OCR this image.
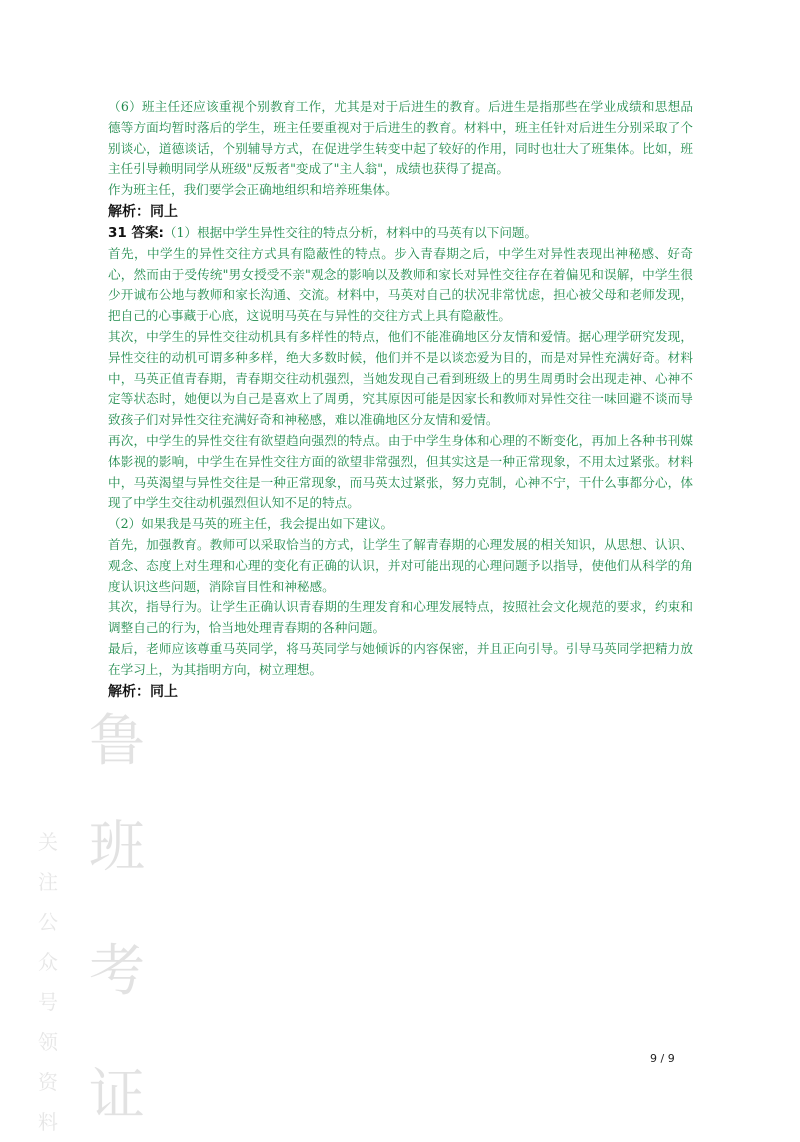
鲁
班
考
证
关
注
公
众
号
领
资
料

（6）班主任还应该重视个别教育工作，尤其是对于后进生的教育。后进生是指那些在学业成绩和思想品德等方面均暂时落后的学生，班主任要重视对于后进生的教育。材料中，班主任针对后进生分别采取了个别谈心，道德谈话，个别辅导方式，在促进学生转变中起了较好的作用，同时也壮大了班集体。比如，班主任引导赖明同学从班级"反叛者"变成了"主人翁"，成绩也获得了提高。

作为班主任，我们要学会正确地组织和培养班集体。

解析：同上

31 答案:（1）根据中学生异性交往的特点分析，材料中的马英有以下问题。

首先，中学生的异性交往方式具有隐蔽性的特点。步入青春期之后，中学生对异性表现出神秘感、好奇心，然而由于受传统"男女授受不亲"观念的影响以及教师和家长对异性交往存在着偏见和误解，中学生很少开诚布公地与教师和家长沟通、交流。材料中，马英对自己的状况非常忧虑，担心被父母和老师发现，把自己的心事藏于心底，这说明马英在与异性的交往方式上具有隐蔽性。

其次，中学生的异性交往动机具有多样性的特点，他们不能准确地区分友情和爱情。据心理学研究发现，异性交往的动机可谓多种多样，绝大多数时候，他们并不是以谈恋爱为目的，而是对异性充满好奇。材料中，马英正值青春期，青春期交往动机强烈，当她发现自己看到班级上的男生周勇时会出现走神、心神不定等状态时，她便以为自己是喜欢上了周勇，究其原因可能是因家长和教师对异性交往一味回避不谈而导致孩子们对异性交往充满好奇和神秘感，难以准确地区分友情和爱情。

再次，中学生的异性交往有欲望趋向强烈的特点。由于中学生身体和心理的不断变化，再加上各种书刊媒体影视的影响，中学生在异性交往方面的欲望非常强烈，但其实这是一种正常现象，不用太过紧张。材料中，马英渴望与异性交往是一种正常现象，而马英太过紧张，努力克制，心神不宁，干什么事都分心，体现了中学生交往动机强烈但认知不足的特点。

（2）如果我是马英的班主任，我会提出如下建议。

首先，加强教育。教师可以采取恰当的方式，让学生了解青春期的心理发展的相关知识，从思想、认识、观念、态度上对生理和心理的变化有正确的认识，并对可能出现的心理问题予以指导，使他们从科学的角度认识这些问题，消除盲目性和神秘感。

其次，指导行为。让学生正确认识青春期的生理发育和心理发展特点，按照社会文化规范的要求，约束和调整自己的行为，恰当地处理青春期的各种问题。

最后，老师应该尊重马英同学，将马英同学与她倾诉的内容保密，并且正向引导。引导马英同学把精力放在学习上，为其指明方向，树立理想。

解析：同上

9 / 9
